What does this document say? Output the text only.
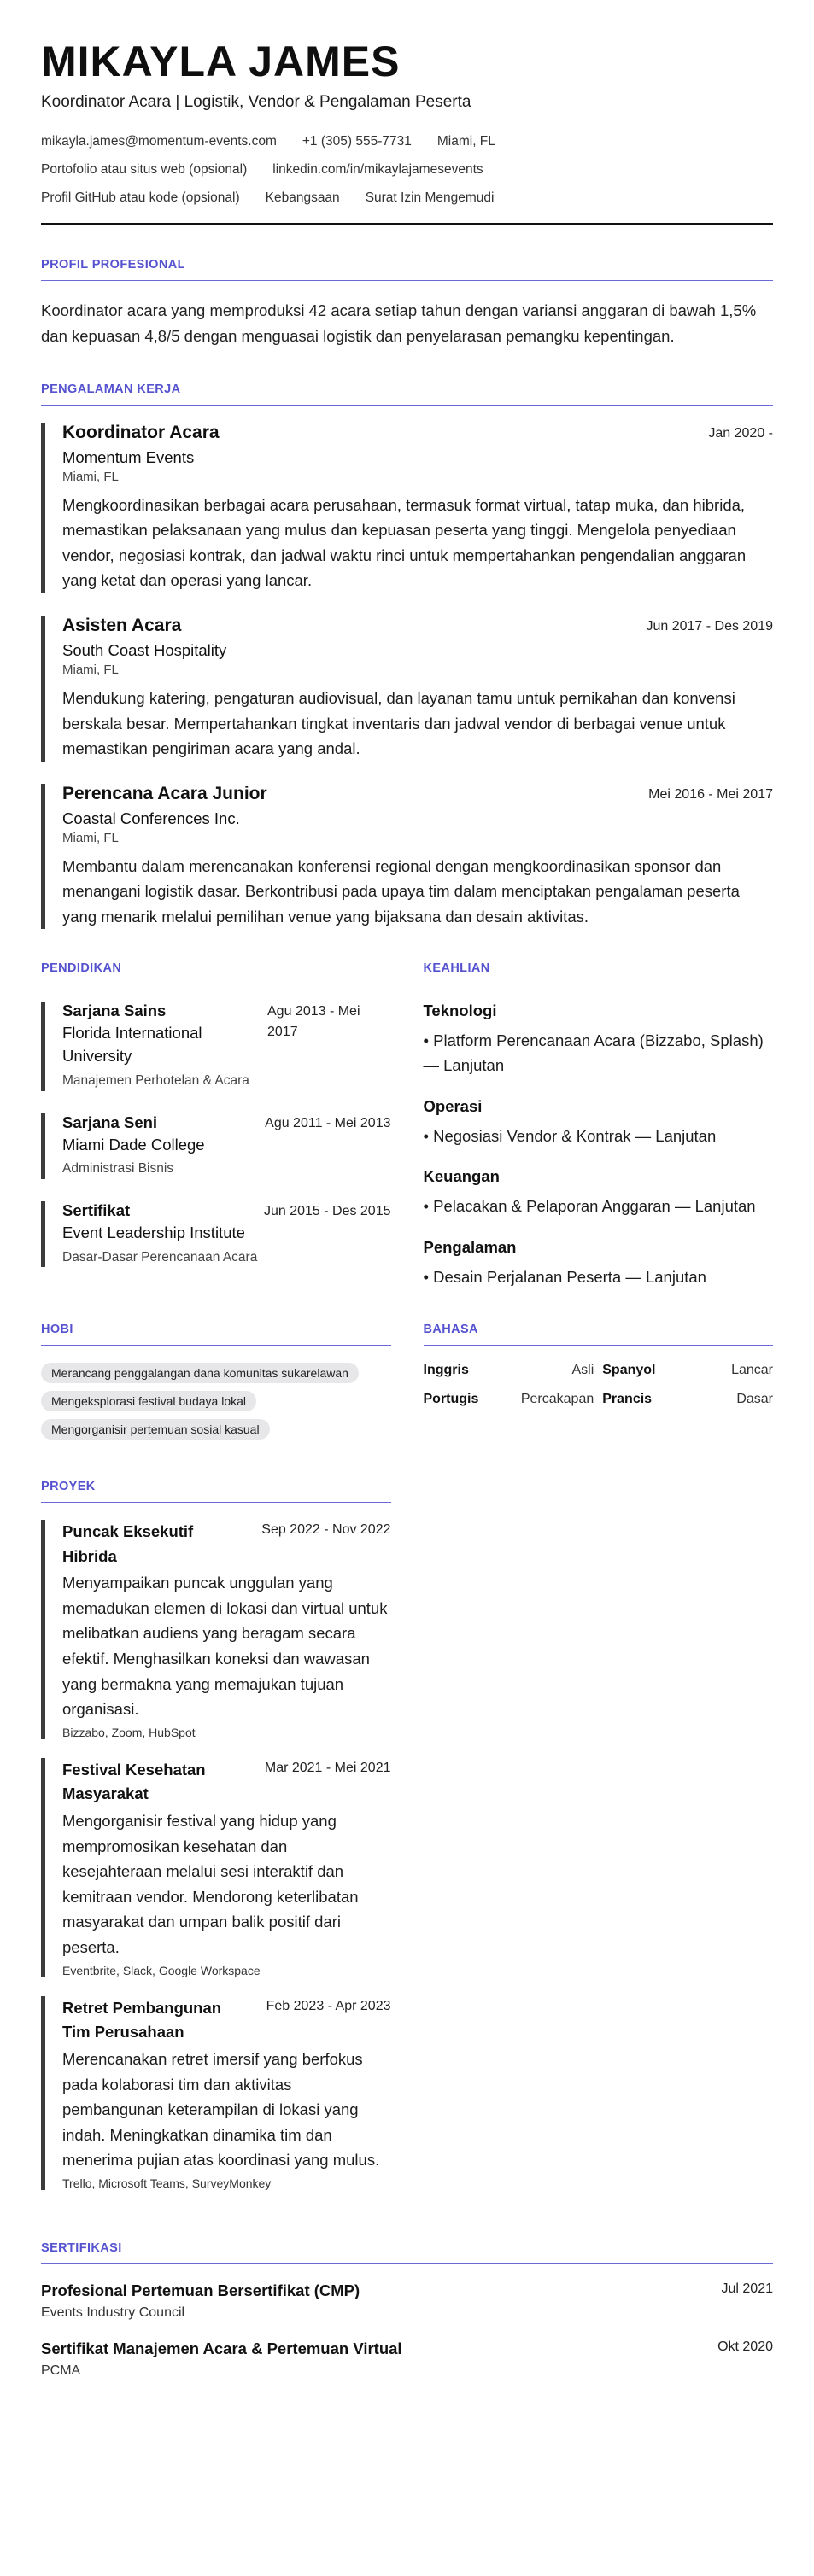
MIKAYLA JAMES
Koordinator Acara | Logistik, Vendor & Pengalaman Peserta
mikayla.james@momentum-events.com +1 (305) 555-7731 Miami, FL
Portofolio atau situs web (opsional) linkedin.com/in/mikaylajamesevents
Profil GitHub atau kode (opsional) Kebangsaan Surat Izin Mengemudi
PROFIL PROFESIONAL
Koordinator acara yang memproduksi 42 acara setiap tahun dengan variansi anggaran di bawah 1,5% dan kepuasan 4,8/5 dengan menguasai logistik dan penyelarasan pemangku kepentingan.
PENGALAMAN KERJA
Koordinator Acara	Jan 2020 -
Momentum Events
Miami, FL
Mengkoordinasikan berbagai acara perusahaan, termasuk format virtual, tatap muka, dan hibrida, memastikan pelaksanaan yang mulus dan kepuasan peserta yang tinggi. Mengelola penyediaan vendor, negosiasi kontrak, dan jadwal waktu rinci untuk mempertahankan pengendalian anggaran yang ketat dan operasi yang lancar.
Asisten Acara	Jun 2017 - Des 2019
South Coast Hospitality
Miami, FL
Mendukung katering, pengaturan audiovisual, dan layanan tamu untuk pernikahan dan konvensi berskala besar. Mempertahankan tingkat inventaris dan jadwal vendor di berbagai venue untuk memastikan pengiriman acara yang andal.
Perencana Acara Junior	Mei 2016 - Mei 2017
Coastal Conferences Inc.
Miami, FL
Membantu dalam merencanakan konferensi regional dengan mengkoordinasikan sponsor dan menangani logistik dasar. Berkontribusi pada upaya tim dalam menciptakan pengalaman peserta yang menarik melalui pemilihan venue yang bijaksana dan desain aktivitas.
PENDIDIKAN
Sarjana Sains
Florida International University
Manajemen Perhotelan & Acara
Agu 2013 - Mei 2017
Sarjana Seni
Miami Dade College
Administrasi Bisnis
Agu 2011 - Mei 2013
Sertifikat
Event Leadership Institute
Dasar-Dasar Perencanaan Acara
Jun 2015 - Des 2015
KEAHLIAN
Teknologi
• Platform Perencanaan Acara (Bizzabo, Splash) — Lanjutan
Operasi
• Negosiasi Vendor & Kontrak — Lanjutan
Keuangan
• Pelacakan & Pelaporan Anggaran — Lanjutan
Pengalaman
• Desain Perjalanan Peserta — Lanjutan
HOBI
Merancang penggalangan dana komunitas sukarelawan
Mengeksplorasi festival budaya lokal
Mengorganisir pertemuan sosial kasual
BAHASA
Inggris	Asli Spanyol	Lancar
Portugis	Percakapan Prancis	Dasar
PROYEK
Puncak Eksekutif Hibrida
Sep 2022 - Nov 2022
Menyampaikan puncak unggulan yang memadukan elemen di lokasi dan virtual untuk melibatkan audiens yang beragam secara efektif. Menghasilkan koneksi dan wawasan yang bermakna yang memajukan tujuan organisasi.
Bizzabo, Zoom, HubSpot
Festival Kesehatan Masyarakat
Mar 2021 - Mei 2021
Mengorganisir festival yang hidup yang mempromosikan kesehatan dan kesejahteraan melalui sesi interaktif dan kemitraan vendor. Mendorong keterlibatan masyarakat dan umpan balik positif dari peserta.
Eventbrite, Slack, Google Workspace
Retret Pembangunan Tim Perusahaan
Feb 2023 - Apr 2023
Merencanakan retret imersif yang berfokus pada kolaborasi tim dan aktivitas pembangunan keterampilan di lokasi yang indah. Meningkatkan dinamika tim dan menerima pujian atas koordinasi yang mulus.
Trello, Microsoft Teams, SurveyMonkey
SERTIFIKASI
Profesional Pertemuan Bersertifikat (CMP)	Jul 2021
Events Industry Council
Sertifikat Manajemen Acara & Pertemuan Virtual	Okt 2020
PCMA
